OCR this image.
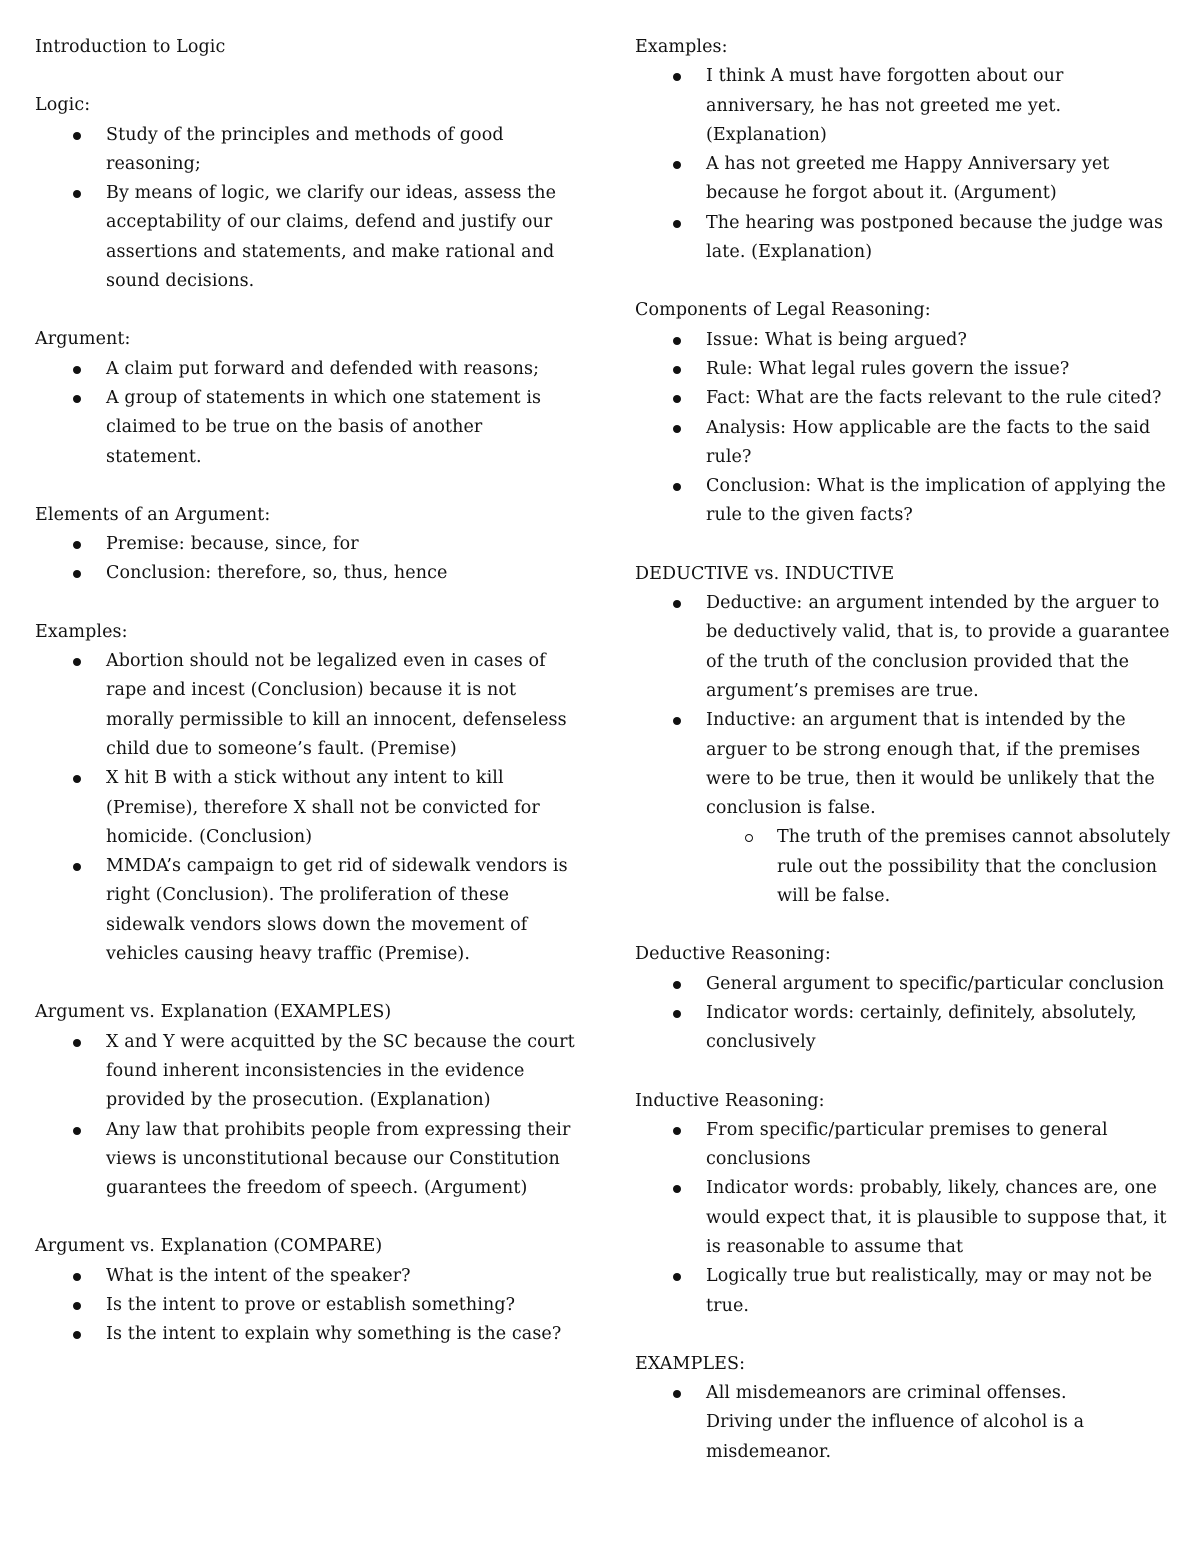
Introduction to Logic
Logic:
Study of the principles and methods of good reasoning;
By means of logic, we clarify our ideas, assess the acceptability of our claims, defend and justify our assertions and statements, and make rational and sound decisions.
Argument:
A claim put forward and defended with reasons;
A group of statements in which one statement is claimed to be true on the basis of another statement.
Elements of an Argument:
Premise: because, since, for
Conclusion: therefore, so, thus, hence
Examples:
Abortion should not be legalized even in cases of rape and incest (Conclusion) because it is not morally permissible to kill an innocent, defenseless child due to someone’s fault. (Premise)
X hit B with a stick without any intent to kill (Premise), therefore X shall not be convicted for homicide. (Conclusion)
MMDA’s campaign to get rid of sidewalk vendors is right (Conclusion). The proliferation of these sidewalk vendors slows down the movement of vehicles causing heavy traffic (Premise).
Argument vs. Explanation (EXAMPLES)
X and Y were acquitted by the SC because the court found inherent inconsistencies in the evidence provided by the prosecution. (Explanation)
Any law that prohibits people from expressing their views is unconstitutional because our Constitution guarantees the freedom of speech. (Argument)
Argument vs. Explanation (COMPARE)
What is the intent of the speaker?
Is the intent to prove or establish something?
Is the intent to explain why something is the case?
Examples:
I think A must have forgotten about our anniversary, he has not greeted me yet. (Explanation)
A has not greeted me Happy Anniversary yet because he forgot about it. (Argument)
The hearing was postponed because the judge was late. (Explanation)
Components of Legal Reasoning:
Issue: What is being argued?
Rule: What legal rules govern the issue?
Fact: What are the facts relevant to the rule cited?
Analysis: How applicable are the facts to the said rule?
Conclusion: What is the implication of applying the rule to the given facts?
DEDUCTIVE vs. INDUCTIVE
Deductive: an argument intended by the arguer to be deductively valid, that is, to provide a guarantee of the truth of the conclusion provided that the argument’s premises are true.
Inductive: an argument that is intended by the arguer to be strong enough that, if the premises were to be true, then it would be unlikely that the conclusion is false.
The truth of the premises cannot absolutely rule out the possibility that the conclusion will be false.
Deductive Reasoning:
General argument to specific/particular conclusion
Indicator words: certainly, definitely, absolutely, conclusively
Inductive Reasoning:
From specific/particular premises to general conclusions
Indicator words: probably, likely, chances are, one would expect that, it is plausible to suppose that, it is reasonable to assume that
Logically true but realistically, may or may not be true.
EXAMPLES:
All misdemeanors are criminal offenses.
Driving under the influence of alcohol is a misdemeanor.
